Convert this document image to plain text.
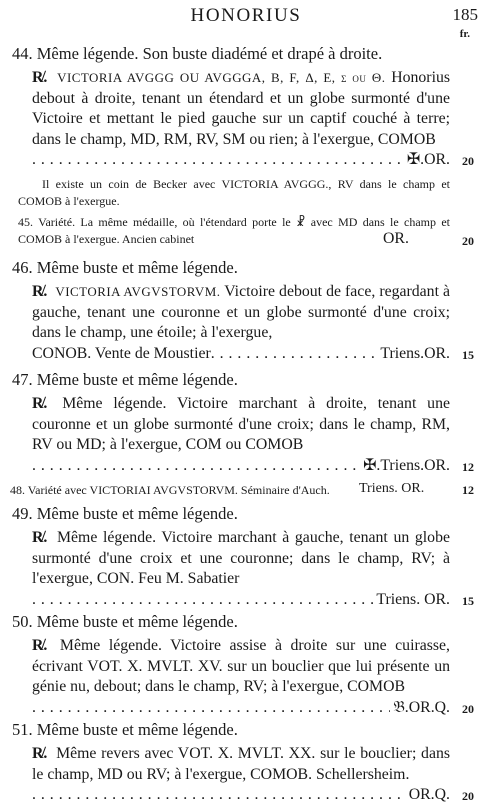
HONORIUS	185
fr.
44. Même légende. Son buste diadémé et drapé à droite.
R̸. VICTORIA AVGGG OU AVGGGA, B, F, Δ, E, ς ou Θ. Honorius debout à droite, tenant un étendard et un globe surmonté d'une Victoire et mettant le pied gauche sur un captif couché à terre; dans le champ, MD, RM, RV, SM ou rien; à l'exergue, COMOB
. . .
✠.OR. 20
Il existe un coin de Becker avec VICTORIA AVGGG., RV dans le champ et COMOB à l'exergue.
45. Variété. La même médaille, où l'étendard porte le ☧ avec MD dans le champ et COMOB à l'exergue. Ancien cabinet	OR.	20
46. Même buste et même légende.
R̸. VICTORIA AVGVSTORVM. Victoire debout de face, regardant à gauche, tenant une couronne et un globe surmonté d'une croix; dans le champ, une étoile; à l'exergue,
CONOB. Vente de Moustier
. . .	Triens.OR. 15
47. Même buste et même légende.
R̸. Même légende. Victoire marchant à droite, tenant une couronne et un globe surmonté d'une croix; dans le champ, RM, RV ou MD; à l'exergue, COM ou COMOB
. . .
✠.Triens.OR. 12
48. Variété avec VICTORIAI AVGVSTORVM. Séminaire d'Auch.	Triens. OR.	12
49. Même buste et même légende.
R̸. Même légende. Victoire marchant à gauche, tenant un globe surmonté d'une croix et une couronne; dans le champ, RV; à l'exergue, CON. Feu M. Sabatier
. . .
Triens. OR. 15
50. Même buste et même légende.
R̸. Même légende. Victoire assise à droite sur une cuirasse, écrivant VOT. X. MVLT. XV. sur un bouclier que lui présente un génie nu, debout; dans le champ, RV; à l'exergue, COMOB
. . .
𝔅.OR.Q. 20
51. Même buste et même légende.
R̸. Même revers avec VOT. X. MVLT. XX. sur le bouclier; dans le champ, MD ou RV; à l'exergue, COMOB. Schellersheim.
. . .
OR.Q. 20
